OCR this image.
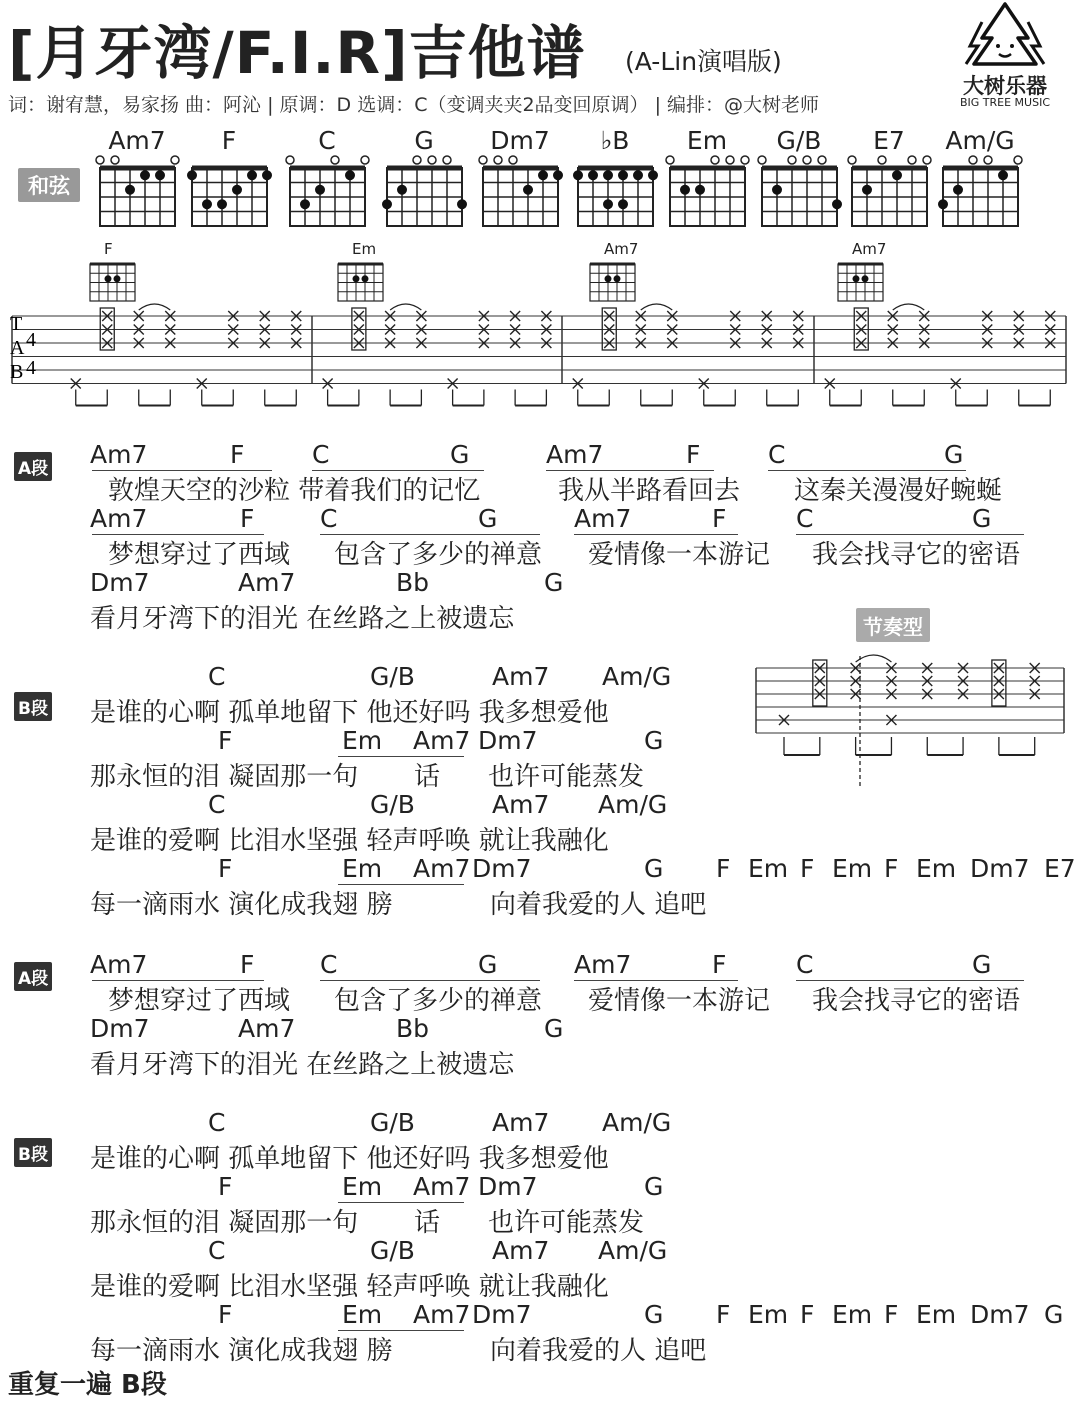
[月牙湾/F.I.R]吉他谱 (A-Lin演唱版)
词：谢宥慧，易家扬 曲：阿沁 | 原调：D 选调：C（变调夹夹2品变回原调） | 编排：@大树老师
大树乐器
BIG TREE MUSIC
和弦
Am7	F	C	G	Dm7	♭B	Em	G/B	E7	Am/G
F	Em	Am7	Am7
T
A
B
4
4
节奏型
A段 Am7	F	C	G	Am7	F	C	G
敦煌天空的沙粒 带着我们的记忆	我从半路看回去 这秦关漫漫好蜿蜒
Am7	F	C	G	Am7	F	C	G
梦想穿过了西域 包含了多少的禅意 爱情像一本游记 我会找寻它的密语
Dm7	Am7	Bb	G
看月牙湾下的泪光 在丝路之上被遗忘
B段
C	G/B	Am7 Am/G
是谁的心啊 孤单地留下 他还好吗 我多想爱他
F	Em Am7 Dm7	G
那永恒的泪 凝固那一句 话 也许可能蒸发
C	G/B	Am7 Am/G
是谁的爱啊 比泪水坚强 轻声呼唤 就让我融化
F	Em Am7 Dm7	G F Em F Em F Em Dm7 E7
每一滴雨水 演化成我翅 膀	向着我爱的人 追吧
A段 Am7	F	C	G	Am7	F	C	G
梦想穿过了西域 包含了多少的禅意 爱情像一本游记 我会找寻它的密语
Dm7	Am7	Bb	G
看月牙湾下的泪光 在丝路之上被遗忘
B段
C	G/B	Am7 Am/G
是谁的心啊 孤单地留下 他还好吗 我多想爱他
F	Em Am7 Dm7	G
那永恒的泪 凝固那一句 话 也许可能蒸发
C	G/B	Am7 Am/G
是谁的爱啊 比泪水坚强 轻声呼唤 就让我融化
F	Em Am7 Dm7	G F Em F Em F Em Dm7 G
每一滴雨水 演化成我翅 膀	向着我爱的人 追吧
重复一遍 B段
